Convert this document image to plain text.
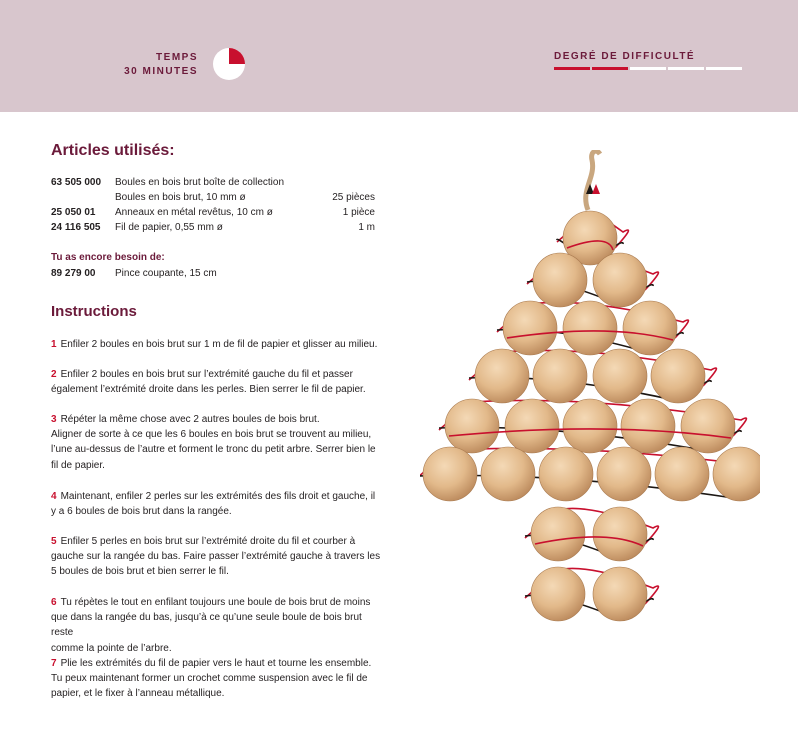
TEMPS
30 MINUTES
DEGRÉ DE DIFFICULTÉ
Articles utilisés:
63 505 000	Boules en bois brut boîte de collection
Boules en bois brut, 10 mm ø	25 pièces
25 050 01	Anneaux en métal revêtus, 10 cm ø	1 pièce
24 116 505	Fil de papier, 0,55 mm ø	1 m
Tu as encore besoin de:
89 279 00	Pince coupante, 15 cm
Instructions
1 Enfiler 2 boules en bois brut sur 1 m de fil de papier et glisser au milieu.
2 Enfiler 2 boules en bois brut sur l’extrémité gauche du fil et passer
également l’extrémité droite dans les perles. Bien serrer le fil de papier.
3 Répéter la même chose avec 2 autres boules de bois brut.
Aligner de sorte à ce que les 6 boules en bois brut se trouvent au milieu,
l’une au-dessus de l’autre et forment le tronc du petit arbre. Serrer bien le
fil de papier.
4 Maintenant, enfiler 2 perles sur les extrémités des fils droit et gauche, il
y a 6 boules de bois brut dans la rangée.
5 Enfiler 5 perles en bois brut sur l’extrémité droite du fil et courber à
gauche sur la rangée du bas. Faire passer l’extrémité gauche à travers les
5 boules de bois brut et bien serrer le fil.
6 Tu répètes le tout en enfilant toujours une boule de bois brut de moins
que dans la rangée du bas, jusqu’à ce qu’une seule boule de bois brut reste
comme la pointe de l’arbre.
7 Plie les extrémités du fil de papier vers le haut et tourne les ensemble.
Tu peux maintenant former un crochet comme suspension avec le fil de
papier, et le fixer à l’anneau métallique.
